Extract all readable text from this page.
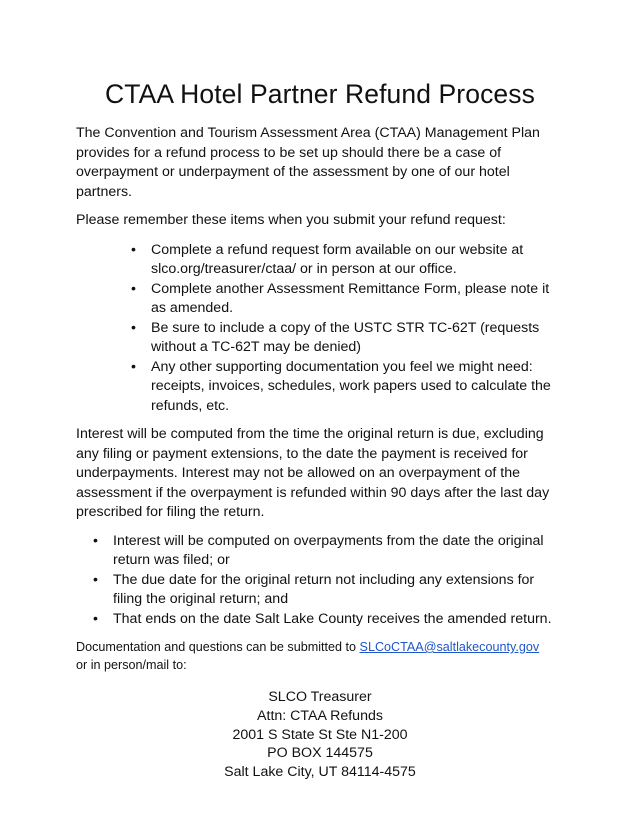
CTAA Hotel Partner Refund Process

The Convention and Tourism Assessment Area (CTAA) Management Plan provides for a refund process to be set up should there be a case of overpayment or underpayment of the assessment by one of our hotel partners.

Please remember these items when you submit your refund request:

• Complete a refund request form available on our website at slco.org/treasurer/ctaa/ or in person at our office.
• Complete another Assessment Remittance Form, please note it as amended.
• Be sure to include a copy of the USTC STR TC-62T (requests without a TC-62T may be denied)
• Any other supporting documentation you feel we might need: receipts, invoices, schedules, work papers used to calculate the refunds, etc.

Interest will be computed from the time the original return is due, excluding any filing or payment extensions, to the date the payment is received for underpayments. Interest may not be allowed on an overpayment of the assessment if the overpayment is refunded within 90 days after the last day prescribed for filing the return.

• Interest will be computed on overpayments from the date the original return was filed; or
• The due date for the original return not including any extensions for filing the original return; and
• That ends on the date Salt Lake County receives the amended return.

Documentation and questions can be submitted to SLCoCTAA@saltlakecounty.gov
or in person/mail to:

SLCO Treasurer
Attn: CTAA Refunds
2001 S State St Ste N1-200
PO BOX 144575
Salt Lake City, UT 84114-4575
